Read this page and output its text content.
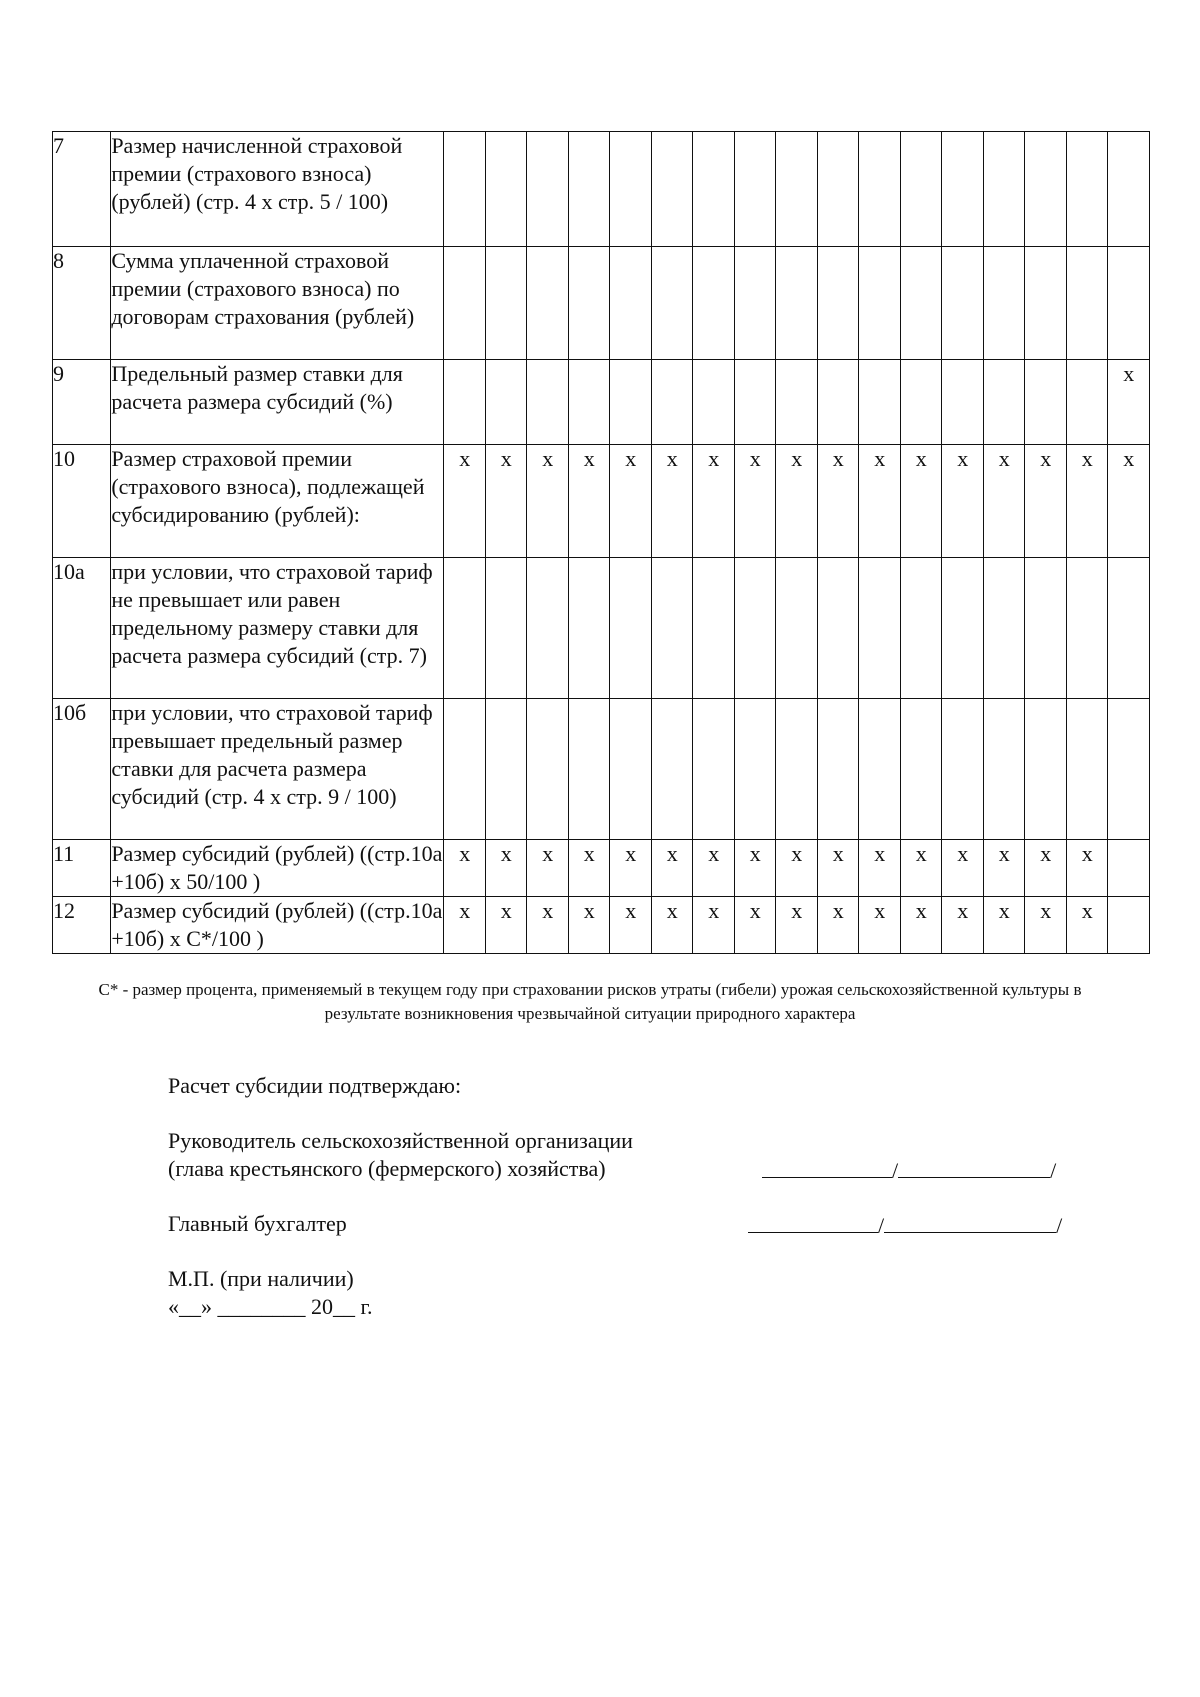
7	Размер начисленной страховой премии (страхового взноса) (рублей) (стр. 4 х стр. 5 / 100)																	
8	Сумма уплаченной страховой премии (страхового взноса) по договорам страхования (рублей)																	
9	Предельный размер ставки для расчета размера субсидий (%)																	х
10	Размер страховой премии (страхового взноса), подлежащей субсидированию (рублей):	х	х	х	х	х	х	х	х	х	х	х	х	х	х	х	х	х
10а	при условии, что страховой тариф не превышает или равен предельному размеру ставки для расчета размера субсидий (стр. 7)																	
10б	при условии, что страховой тариф превышает предельный размер ставки для расчета размера субсидий (стр. 4 х стр. 9 / 100)																	
11	Размер субсидий (рублей) ((стр.10а +10б) х 50/100 )	х	х	х	х	х	х	х	х	х	х	х	х	х	х	х	х	
12	Размер субсидий (рублей) ((стр.10а +10б) х С*/100 )	х	х	х	х	х	х	х	х	х	х	х	х	х	х	х	х	
С* - размер процента, применяемый в текущем году при страховании рисков утраты (гибели) урожая сельскохозяйственной культуры в результате возникновения чрезвычайной ситуации природного характера
Расчет субсидии подтверждаю:
Руководитель сельскохозяйственной организации
(глава крестьянского (фермерского) хозяйства)	/	/
Главный бухгалтер	/	/
М.П. (при наличии)
«__» ________ 20__ г.
